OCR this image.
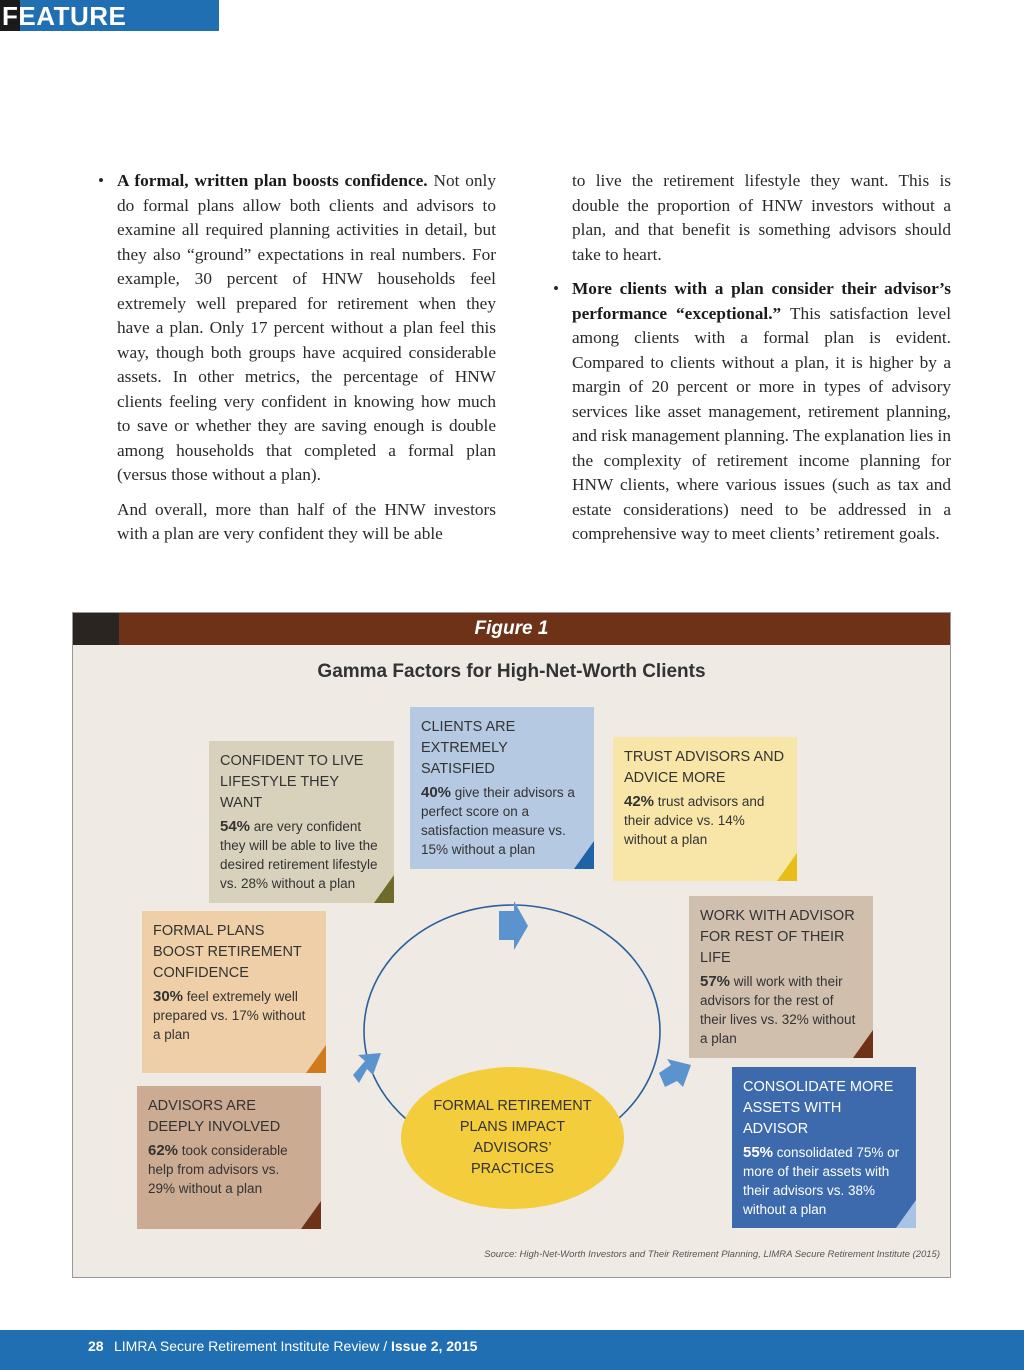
FEATURE

• A formal, written plan boosts confidence. Not only do formal plans allow both clients and advisors to examine all required planning activities in detail, but they also “ground” expectations in real numbers. For example, 30 percent of HNW households feel extremely well prepared for retirement when they have a plan. Only 17 percent without a plan feel this way, though both groups have acquired considerable assets. In other metrics, the percentage of HNW clients feeling very confident in knowing how much to save or whether they are saving enough is double among households that completed a formal plan (versus those without a plan).

And overall, more than half of the HNW investors with a plan are very confident they will be able

to live the retirement lifestyle they want. This is double the proportion of HNW investors without a plan, and that benefit is something advisors should take to heart.

• More clients with a plan consider their advisor’s performance “exceptional.” This satisfaction level among clients with a formal plan is evident. Compared to clients without a plan, it is higher by a margin of 20 percent or more in types of advisory services like asset management, retirement planning, and risk management planning. The explanation lies in the complexity of retirement income planning for HNW clients, where various issues (such as tax and estate considerations) need to be addressed in a comprehensive way to meet clients’ retirement goals.

Figure 1
Gamma Factors for High-Net-Worth Clients
CONFIDENT TO LIVE LIFESTYLE THEY WANT
54% are very confident they will be able to live the desired retirement lifestyle vs. 28% without a plan
CLIENTS ARE EXTREMELY SATISFIED
40% give their advisors a perfect score on a satisfaction measure vs. 15% without a plan
TRUST ADVISORS AND ADVICE MORE
42% trust advisors and their advice vs. 14% without a plan
FORMAL PLANS BOOST RETIREMENT CONFIDENCE
30% feel extremely well prepared vs. 17% without a plan
WORK WITH ADVISOR FOR REST OF THEIR LIFE
57% will work with their advisors for the rest of their lives vs. 32% without a plan
ADVISORS ARE DEEPLY INVOLVED
62% took considerable help from advisors vs. 29% without a plan
CONSOLIDATE MORE ASSETS WITH ADVISOR
55% consolidated 75% or more of their assets with their advisors vs. 38% without a plan
FORMAL RETIREMENT PLANS IMPACT ADVISORS’ PRACTICES
Source: High-Net-Worth Investors and Their Retirement Planning, LIMRA Secure Retirement Institute (2015)
28 LIMRA Secure Retirement Institute Review / Issue 2, 2015
